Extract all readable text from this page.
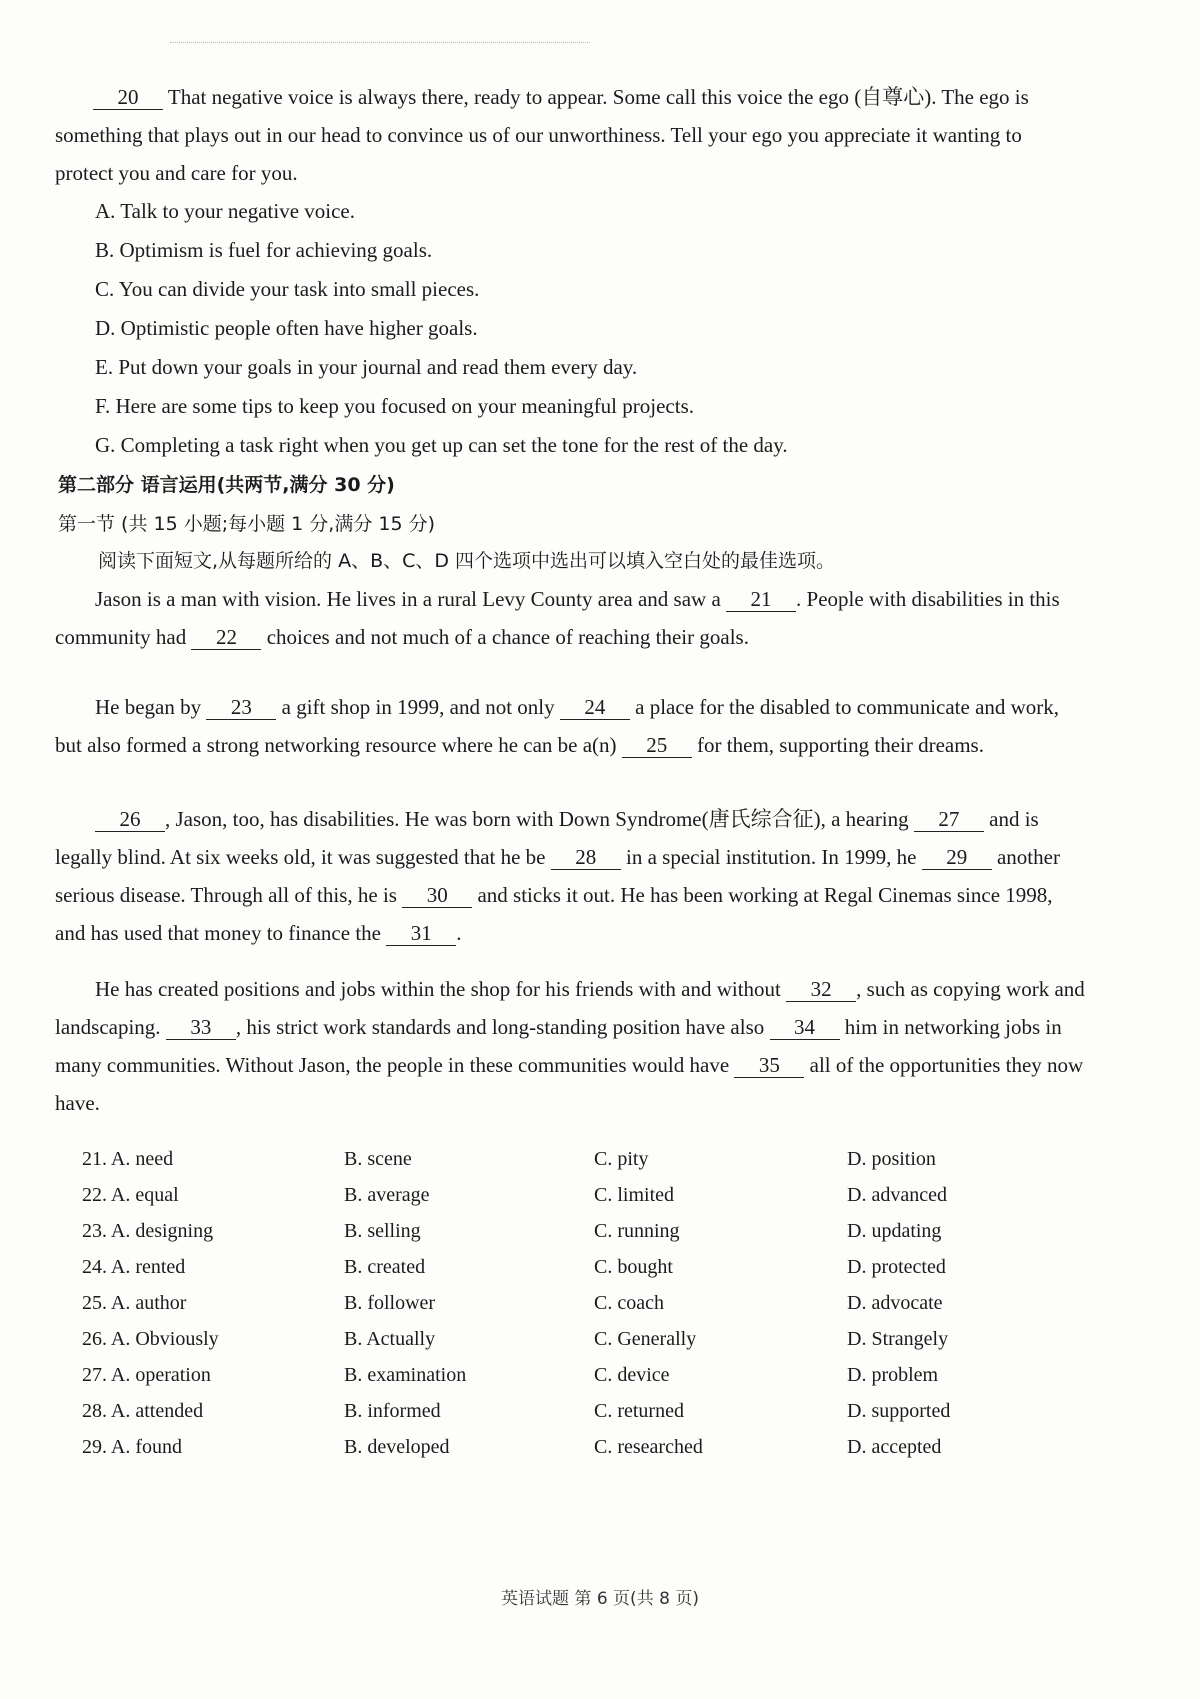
20 That negative voice is always there, ready to appear. Some call this voice the ego (自尊心). The ego is something that plays out in our head to convince us of our unworthiness. Tell your ego you appreciate it wanting to protect you and care for you.

A. Talk to your negative voice.
B. Optimism is fuel for achieving goals.
C. You can divide your task into small pieces.
D. Optimistic people often have higher goals.
E. Put down your goals in your journal and read them every day.
F. Here are some tips to keep you focused on your meaningful projects.
G. Completing a task right when you get up can set the tone for the rest of the day.
第二部分 语言运用(共两节,满分 30 分)
第一节 (共 15 小题;每小题 1 分,满分 15 分)
阅读下面短文,从每题所给的 A、B、C、D 四个选项中选出可以填入空白处的最佳选项。

Jason is a man with vision. He lives in a rural Levy County area and saw a 21 . People with disabilities in this community had 22 choices and not much of a chance of reaching their goals.

He began by 23 a gift shop in 1999, and not only 24 a place for the disabled to communicate and work, but also formed a strong networking resource where he can be a(n) 25 for them, supporting their dreams.

26 , Jason, too, has disabilities. He was born with Down Syndrome(唐氏综合征), a hearing 27 and is legally blind. At six weeks old, it was suggested that he be 28 in a special institution. In 1999, he 29 another serious disease. Through all of this, he is 30 and sticks it out. He has been working at Regal Cinemas since 1998, and has used that money to finance the 31 .

He has created positions and jobs within the shop for his friends with and without 32 , such as copying work and landscaping. 33 , his strict work standards and long-standing position have also 34 him in networking jobs in many communities. Without Jason, the people in these communities would have 35 all of the opportunities they now have.

21. A. need	B. scene	C. pity	D. position
22. A. equal	B. average	C. limited	D. advanced
23. A. designing	B. selling	C. running	D. updating
24. A. rented	B. created	C. bought	D. protected
25. A. author	B. follower	C. coach	D. advocate
26. A. Obviously	B. Actually	C. Generally	D. Strangely
27. A. operation	B. examination	C. device	D. problem
28. A. attended	B. informed	C. returned	D. supported
29. A. found	B. developed	C. researched	D. accepted
英语试题 第 6 页(共 8 页)
